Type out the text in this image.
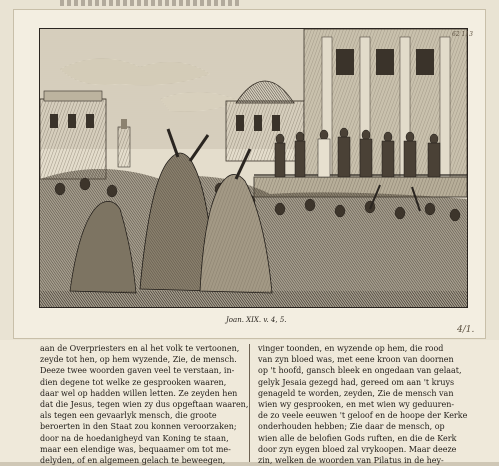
Joan. XIX. v. 4, 5.
62 113
4/1.
aan de Overpriesters en al het volk te vertoonen,
zeyde tot hen, op hem wyzende, Zie, de mensch.
Deeze twee woorden gaven veel te verstaan, in-
dien degene tot welke ze gesprooken waaren,
daar wel op hadden willen letten. Ze zeyden hen
dat die Jesus, tegen wien zy dus opgeftaan waaren,
als tegen een gevaarlyk mensch, die groote
beroerten in den Staat zou konnen veroorzaken;
door na de hoedanigheyd van Koning te staan,
maar een elendige was, bequaamer om tot me-
delyden, of en algemeen gelach te beweegen,
vinger toonden, en wyzende op hem, die rood
van zyn bloed was, met eene kroon van doornen
op 't hoofd, gansch bleek en ongedaan van gelaat,
gelyk Jesaia gezegd had, gereed om aan 't kruys
genageld te worden, zeyden, Zie de mensch van
wien wy gesprooken, en met wien wy geduuren-
de zo veele eeuwen 't geloof en de hoope der Kerke
onderhouden hebben; Zie daar de mensch, op
wien alle de belofien Gods ruften, en die de Kerk
door zyn eygen bloed zal vrykoopen. Maar deeze
zin, welken de woorden van Pilatus in de hey-
